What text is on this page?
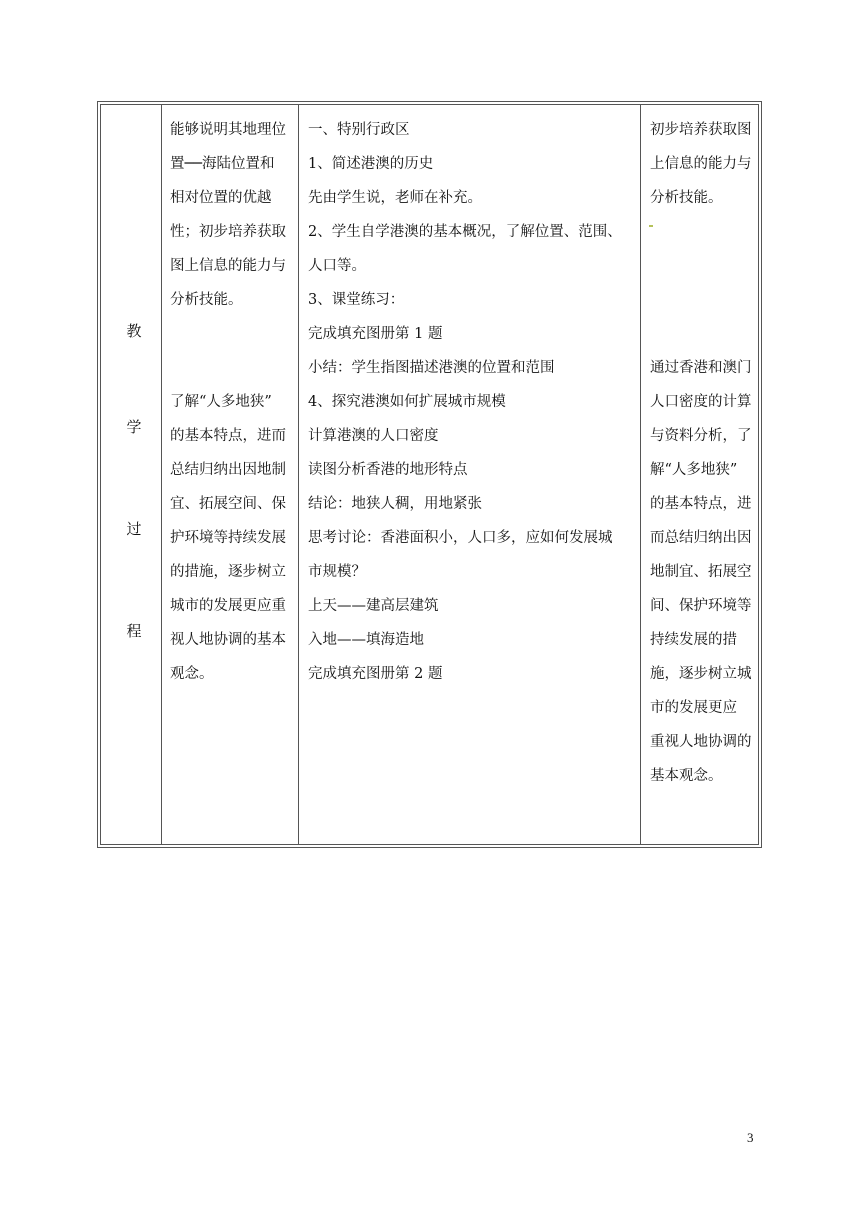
教
学
过
程
能够说明其地理位
置──海陆位置和
相对位置的优越
性；初步培养获取
图上信息的能力与
分析技能。
了解“人多地狭”
的基本特点，进而
总结归纳出因地制
宜、拓展空间、保
护环境等持续发展
的措施，逐步树立
城市的发展更应重
视人地协调的基本
观念。
一、特别行政区
1、简述港澳的历史
先由学生说，老师在补充。
2、学生自学港澳的基本概况，了解位置、范围、
人口等。
3、课堂练习：
完成填充图册第 1 题
小结：学生指图描述港澳的位置和范围
4、探究港澳如何扩展城市规模
计算港澳的人口密度
读图分析香港的地形特点
结论：地狭人稠，用地紧张
思考讨论：香港面积小，人口多，应如何发展城
市规模？
上天——建高层建筑
入地——填海造地
完成填充图册第 2 题
初步培养获取图
上信息的能力与
分析技能。
通过香港和澳门
人口密度的计算
与资料分析，了
解“人多地狭”
的基本特点，进
而总结归纳出因
地制宜、拓展空
间、保护环境等
持续发展的措
施，逐步树立城
市的发展更应
重视人地协调的
基本观念。
3
